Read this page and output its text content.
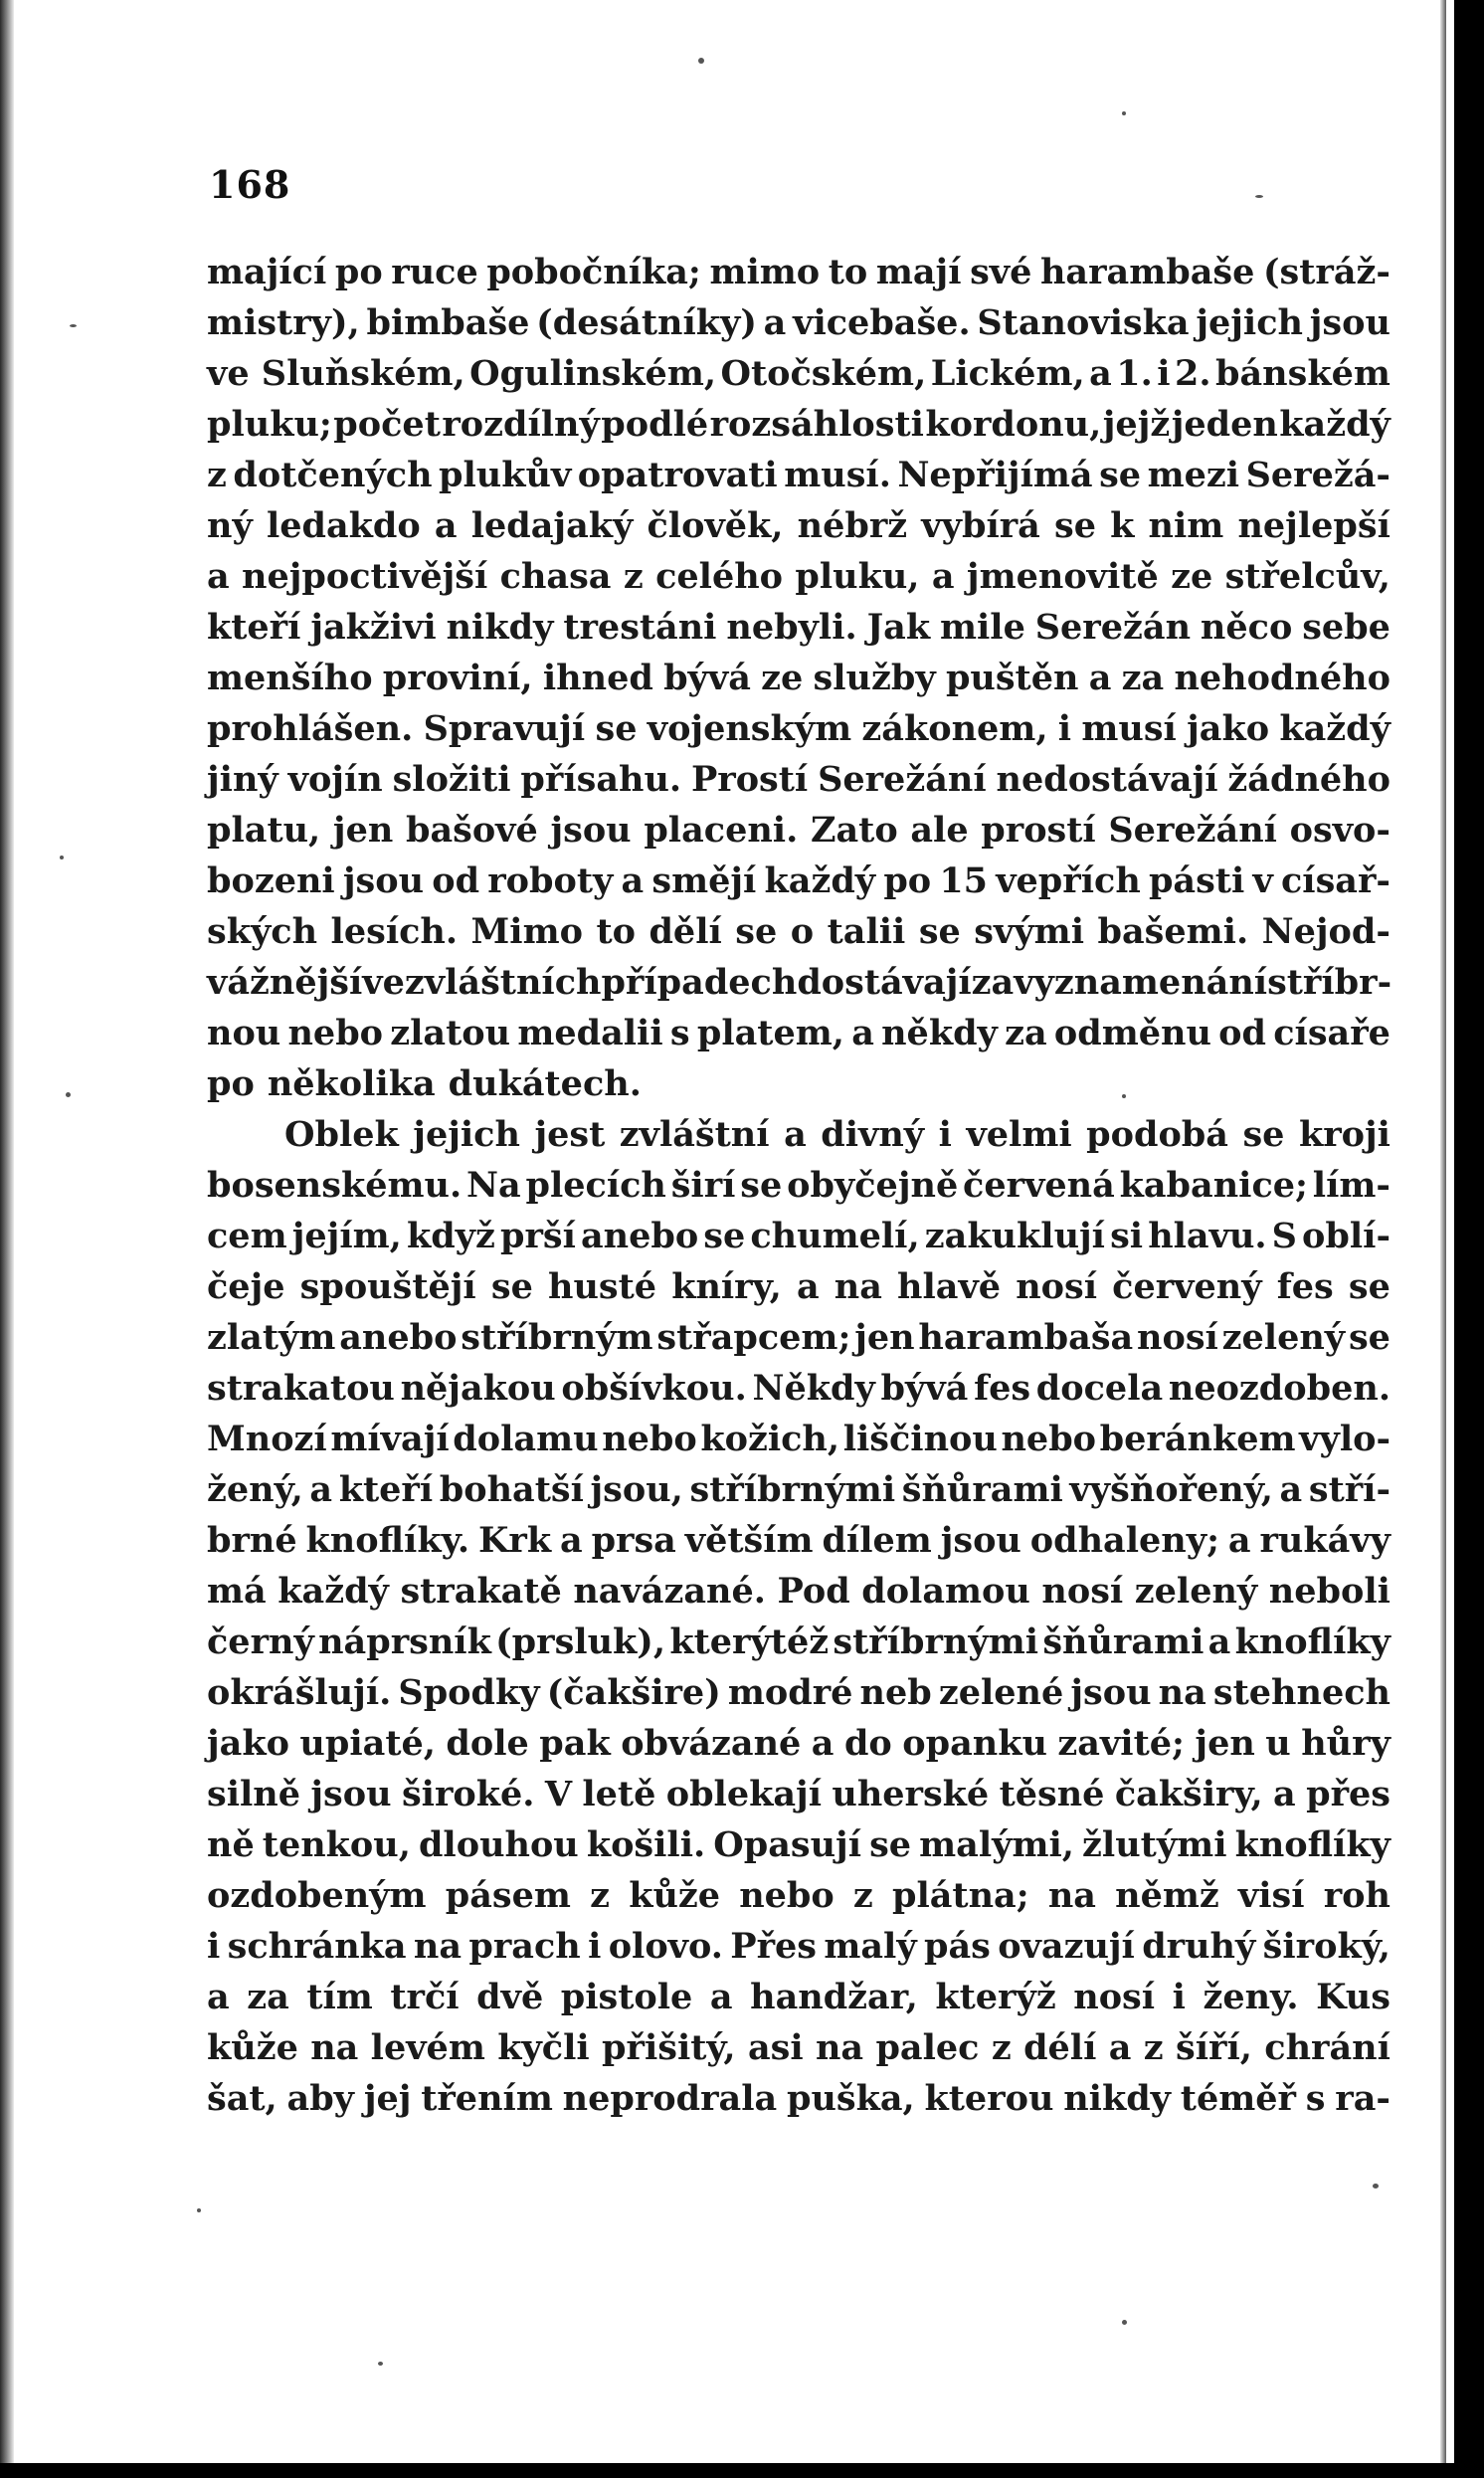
168
mající po ruce pobočníka; mimo to mají své harambaše (stráž-
mistry), bimbaše (desátníky) a vicebaše. Stanoviska jejich jsou
ve Sluňském, Ogulinském, Otočském, Lickém, a 1. i 2. bánském
pluku; počet rozdílný podlé rozsáhlosti kordonu, jejž jeden každý
z dotčených plukův opatrovati musí. Nepřijímá se mezi Serežá-
ný ledakdo a ledajaký člověk, nébrž vybírá se k nim nejlepší
a nejpoctivější chasa z celého pluku, a jmenovitě ze střelcův,
kteří jakživi nikdy trestáni nebyli. Jak mile Serežán něco sebe
menšího proviní, ihned bývá ze služby puštěn a za nehodného
prohlášen. Spravují se vojenským zákonem, i musí jako každý
jiný vojín složiti přísahu. Prostí Serežání nedostávají žádného
platu, jen bašové jsou placeni. Zato ale prostí Serežání osvo-
bozeni jsou od roboty a smějí každý po 15 vepřích pásti v císař-
ských lesích. Mimo to dělí se o talii se svými bašemi. Nejod-
vážnější ve zvláštních případech dostávají za vyznamenání stříbr-
nou nebo zlatou medalii s platem, a někdy za odměnu od císaře
po několika dukátech.
Oblek jejich jest zvláštní a divný i velmi podobá se kroji
bosenskému. Na plecích širí se obyčejně červená kabanice; lím-
cem jejím, když prší anebo se chumelí, zakuklují si hlavu. S oblí-
čeje spouštějí se husté kníry, a na hlavě nosí červený fes se
zlatým anebo stříbrným střapcem; jen harambaša nosí zelený se
strakatou nějakou obšívkou. Někdy bývá fes docela neozdoben.
Mnozí mívají dolamu nebo kožich, liščinou nebo beránkem vylo-
žený, a kteří bohatší jsou, stříbrnými šňůrami vyšňořený, a stří-
brné knoflíky. Krk a prsa větším dílem jsou odhaleny; a rukávy
má každý strakatě navázané. Pod dolamou nosí zelený neboli
černý náprsník (prsluk), kterýtéž stříbrnými šňůrami a knoflíky
okrášlují. Spodky (čakšire) modré neb zelené jsou na stehnech
jako upiaté, dole pak obvázané a do opanku zavité; jen u hůry
silně jsou široké. V letě oblekají uherské těsné čakširy, a přes
ně tenkou, dlouhou košili. Opasují se malými, žlutými knoflíky
ozdobeným pásem z kůže nebo z plátna; na němž visí roh
i schránka na prach i olovo. Přes malý pás ovazují druhý široký,
a za tím trčí dvě pistole a handžar, kterýž nosí i ženy. Kus
kůže na levém kyčli přišitý, asi na palec z délí a z šíří, chrání
šat, aby jej třením neprodrala puška, kterou nikdy téměř s ra-
